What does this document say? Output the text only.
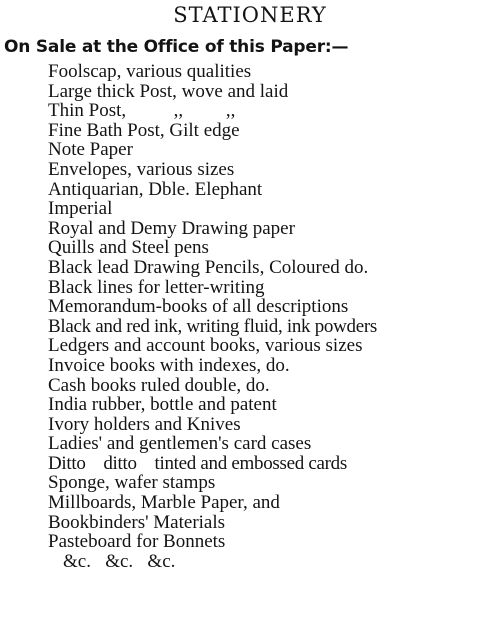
STATIONERY
On Sale at the Office of this Paper:—
Foolscap, various qualities
Large thick Post, wove and laid
Thin Post,          ,,         ,,
Fine Bath Post, Gilt edge
Note Paper
Envelopes, various sizes
Antiquarian, Dble. Elephant
Imperial
Royal and Demy Drawing paper
Quills and Steel pens
Black lead Drawing Pencils, Coloured do.
Black lines for letter-writing
Memorandum-books of all descriptions
Black and red ink, writing fluid, ink powders
Ledgers and account books, various sizes
Invoice books with indexes, do.
Cash books ruled double, do.
India rubber, bottle and patent
Ivory holders and Knives
Ladies' and gentlemen's card cases
Ditto    ditto    tinted and embossed cards
Sponge, wafer stamps
Millboards, Marble Paper, and
Bookbinders' Materials
Pasteboard for Bonnets
&c.   &c.   &c.
